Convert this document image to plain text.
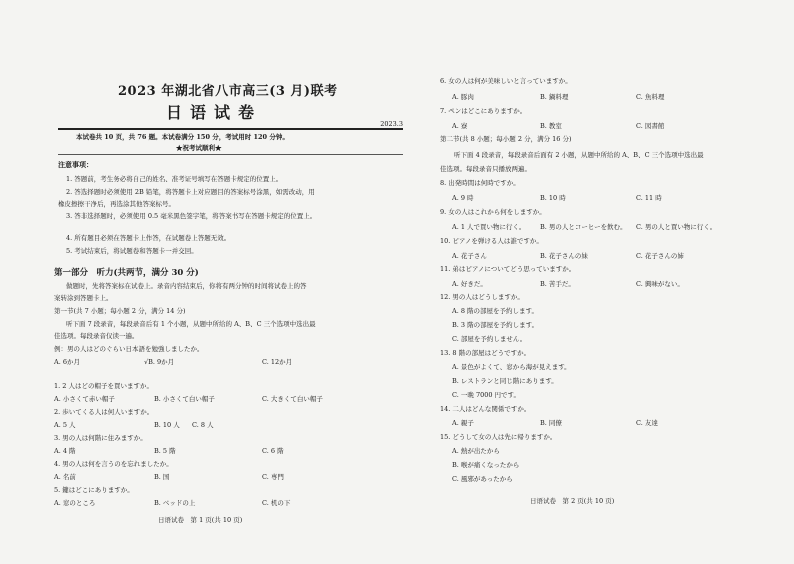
2023 年湖北省八市高三(3 月)联考
日语试卷
2023.3
本试卷共 10 页，共 76 题。本试卷满分 150 分，考试用时 120 分钟。
★祝考试顺利★
注意事项：
1. 答题前，考生务必将自己的姓名、准考证号填写在答题卡规定的位置上。
2. 答选择题时必须使用 2B 铅笔，将答题卡上对应题目的答案标号涂黑，如需改动，用
橡皮擦擦干净后，再选涂其他答案标号。
3. 答非选择题时，必须使用 0.5 毫米黑色签字笔，将答案书写在答题卡规定的位置上。
4. 所有题目必须在答题卡上作答，在试题卷上答题无效。
5. 考试结束后，将试题卷和答题卡一并交回。
第一部分　听力(共两节，满分 30 分)
做题时，先将答案标在试卷上。录音内容结束后，你将有两分钟的时间将试卷上的答
案转涂到答题卡上。
第一节(共 7 小题；每小题 2 分，满分 14 分)
听下面 7 段录音，每段录音后有 1 个小题，从题中所给的 A、B、C 三个选项中选出最
佳选项。每段录音仅读一遍。
例：男の人はどのぐらい日本語を勉強しましたか。
A. 6か月	√B. 9か月	C. 12か月
1. 2 人はどの帽子を買いますか。
A. 小さくて赤い帽子	B. 小さくて白い帽子	C. 大きくて白い帽子
2. 歩いてくる人は何人いますか。
A. 5 人	B. 10 人 C. 8 人
3. 男の人は何階に住みますか。
A. 4 階	B. 5 階	C. 6 階
4. 男の人は何を言うのを忘れましたか。
A. 名前	B. 国	C. 専門
5. 鍵はどこにありますか。
A. 窓のところ	B. ベッドの上	C. 机の下
日语试卷　第 1 页(共 10 页)
6. 女の人は何が美味しいと言っていますか。
A. 豚肉	B. 鍋料理	C. 魚料理
7. ペンはどこにありますか。
A. 寮	B. 教室	C. 図書館
第二节(共 8 小题；每小题 2 分，满分 16 分)
听下面 4 段录音，每段录音后面有 2 小题，从题中所给的 A、B、C 三个选项中选出最
佳选项。每段录音只播放两遍。
8. 出発時間は何時ですか。
A. 9 時	B. 10 時	C. 11 時
9. 女の人はこれから何をしますか。
A. 1 人で買い物に行く。 B. 男の人とコーヒーを飲む。 C. 男の人と買い物に行く。
10. ピアノを弾ける人は誰ですか。
A. 花子さん	B. 花子さんの妹	C. 花子さんの姉
11. 弟はピアノについてどう思っていますか。
A. 好きだ。	B. 苦手だ。	C. 興味がない。
12. 男の人はどうしますか。
A. 8 階の部屋を予約します。
B. 3 階の部屋を予約します。
C. 部屋を予約しません。
13. 8 階の部屋はどうですか。
A. 景色がよくて、窓から海が見えます。
B. レストランと同じ階にあります。
C. 一晩 7000 円です。
14. 二人はどんな関係ですか。
A. 親子	B. 同僚	C. 友達
15. どうして女の人は先に帰りますか。
A. 熱が出たから
B. 喉が痛くなったから
C. 風邪があったから
日语试卷　第 2 页(共 10 页)
